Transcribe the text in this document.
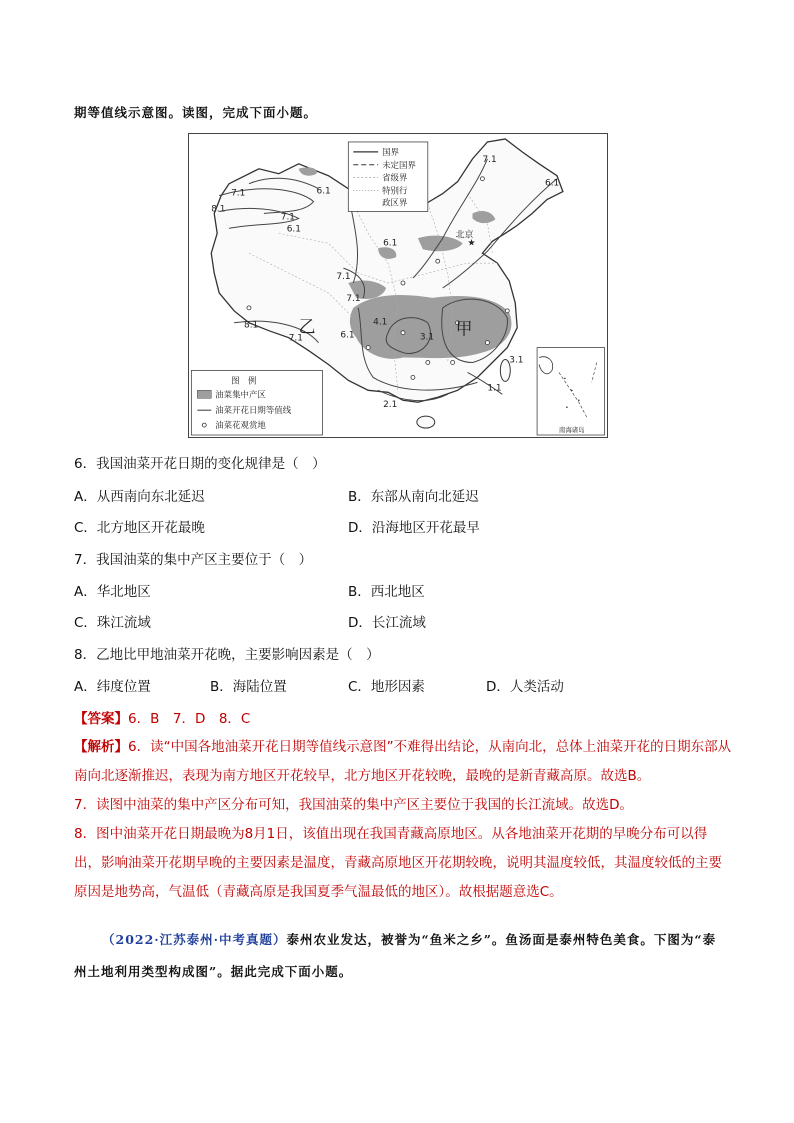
期等值线示意图。读图，完成下面小题。
★
北京
7.1
6.1
7.1
8.1
7.1
6.1
6.1
6.1
7.1
7.1
8.1
7.1	6.1
4.1
3.1
3.1
1.1
2.1
乙	甲
国界
未定国界
省级界
特别行
政区界
图　例
油菜集中产区
油菜开花日期等值线
油菜花观赏地	南海诸岛
6．我国油菜开花日期的变化规律是（　）
A．从西南向东北延迟	B．东部从南向北延迟
C．北方地区开花最晚	D．沿海地区开花最早
7．我国油菜的集中产区主要位于（　）
A．华北地区	B．西北地区
C．珠江流域	D．长江流域
8．乙地比甲地油菜开花晚，主要影响因素是（　）
A．纬度位置	B．海陆位置	C．地形因素	D．人类活动
【答案】6．B　7．D　8．C
【解析】6．读“中国各地油菜开花日期等值线示意图”不难得出结论，从南向北，总体上油菜开花的日期东部从南向北逐渐推迟，表现为南方地区开花较早，北方地区开花较晚，最晚的是新青藏高原。故选B。
7．读图中油菜的集中产区分布可知，我国油菜的集中产区主要位于我国的长江流域。故选D。
8．图中油菜开花日期最晚为8月1日，该值出现在我国青藏高原地区。从各地油菜开花期的早晚分布可以得出，影响油菜开花期早晚的主要因素是温度，青藏高原地区开花期较晚，说明其温度较低，其温度较低的主要原因是地势高，气温低（青藏高原是我国夏季气温最低的地区）。故根据题意选C。
（2022·江苏泰州·中考真题）泰州农业发达，被誉为“鱼米之乡”。鱼汤面是泰州特色美食。下图为“泰
州土地利用类型构成图”。据此完成下面小题。
